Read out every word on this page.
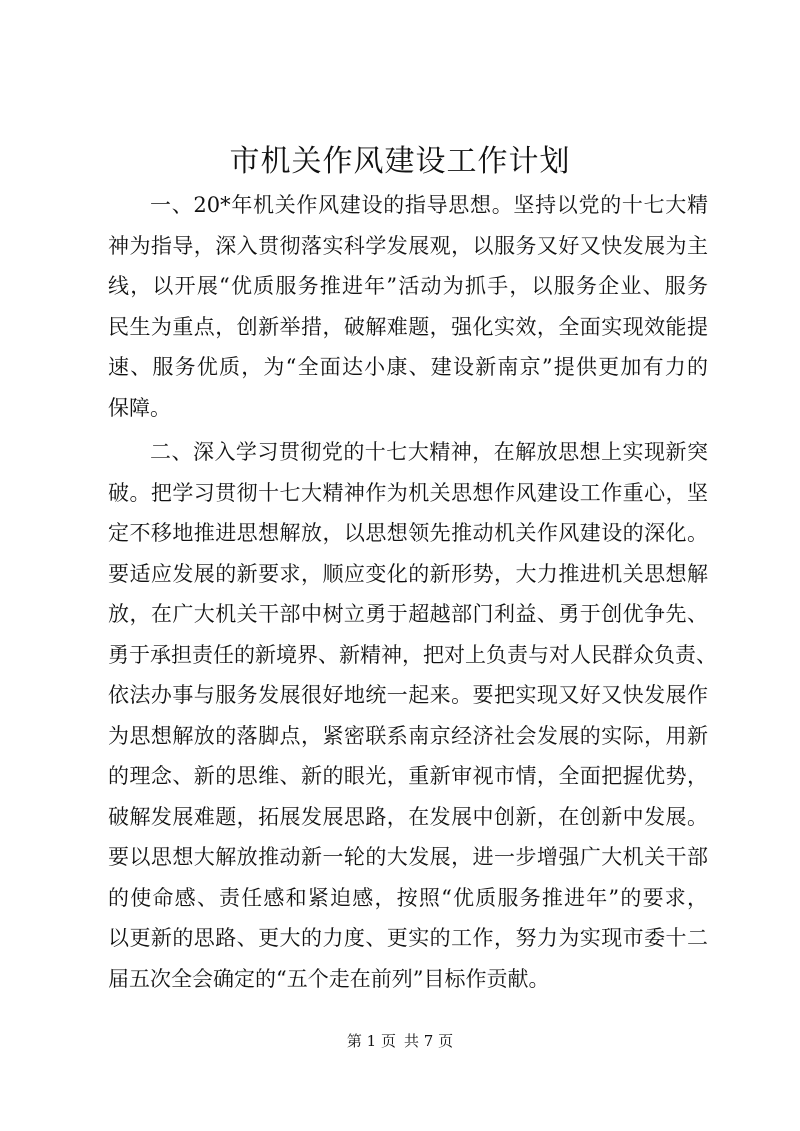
市机关作风建设工作计划
一、20*年机关作风建设的指导思想。坚持以党的十七大精
神为指导，深入贯彻落实科学发展观，以服务又好又快发展为主
线，以开展“优质服务推进年”活动为抓手，以服务企业、服务
民生为重点，创新举措，破解难题，强化实效，全面实现效能提
速、服务优质，为“全面达小康、建设新南京”提供更加有力的
保障。
二、深入学习贯彻党的十七大精神，在解放思想上实现新突
破。把学习贯彻十七大精神作为机关思想作风建设工作重心，坚
定不移地推进思想解放，以思想领先推动机关作风建设的深化。
要适应发展的新要求，顺应变化的新形势，大力推进机关思想解
放，在广大机关干部中树立勇于超越部门利益、勇于创优争先、
勇于承担责任的新境界、新精神，把对上负责与对人民群众负责、
依法办事与服务发展很好地统一起来。要把实现又好又快发展作
为思想解放的落脚点，紧密联系南京经济社会发展的实际，用新
的理念、新的思维、新的眼光，重新审视市情，全面把握优势，
破解发展难题，拓展发展思路，在发展中创新，在创新中发展。
要以思想大解放推动新一轮的大发展，进一步增强广大机关干部
的使命感、责任感和紧迫感，按照“优质服务推进年”的要求，
以更新的思路、更大的力度、更实的工作，努力为实现市委十二
届五次全会确定的“五个走在前列”目标作贡献。
第 1 页 共 7 页
